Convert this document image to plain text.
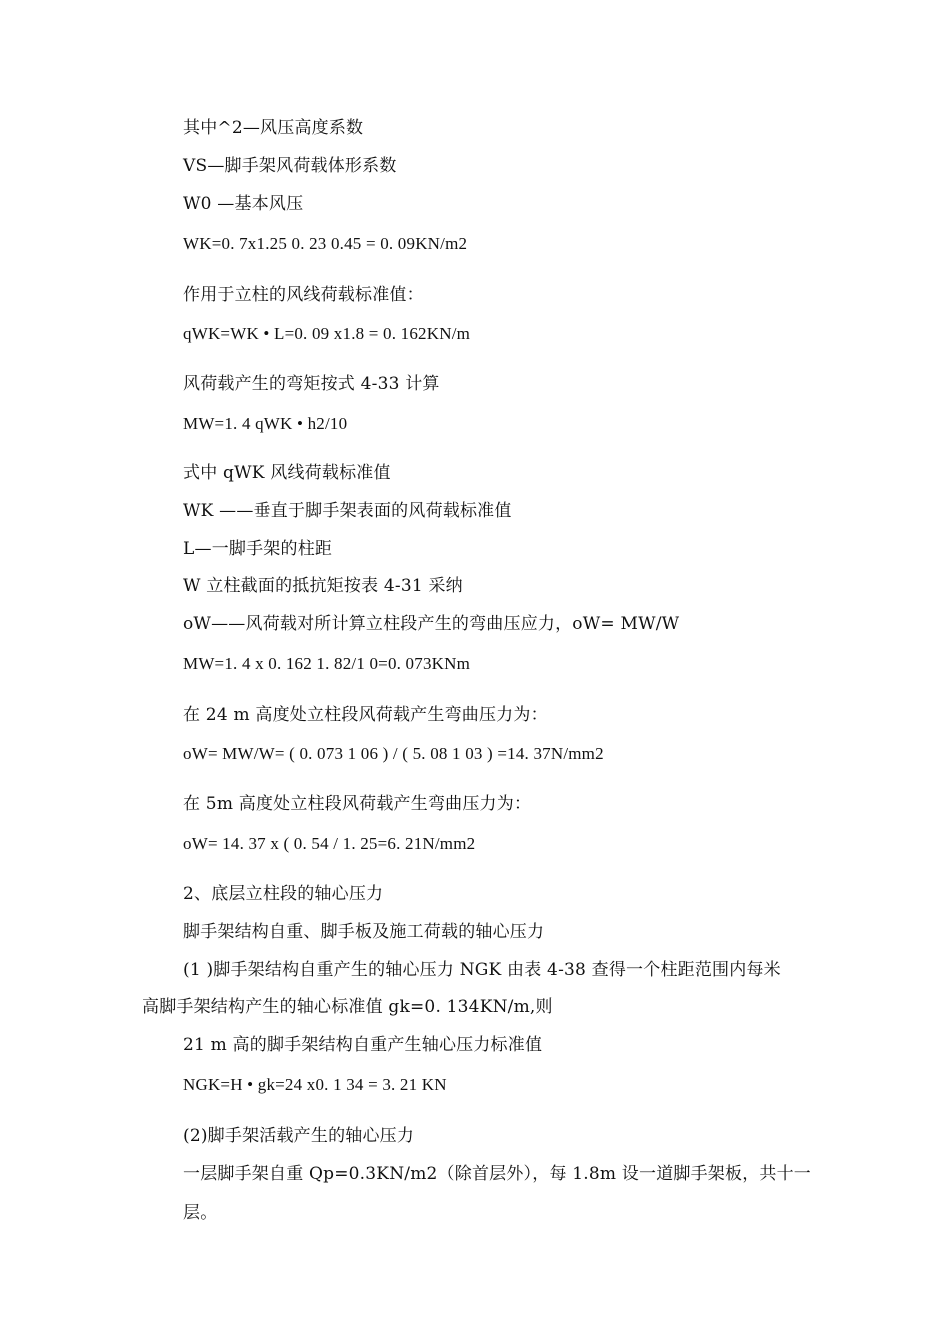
其中^2—风压高度系数
VS—脚手架风荷载体形系数
W0 —基本风压
WK=0. 7x1.25 0. 23 0.45 = 0. 09KN/m2
作用于立柱的风线荷载标准值：
qWK=WK • L=0. 09 x1.8 = 0. 162KN/m
风荷载产生的弯矩按式 4-33 计算
MW=1. 4 qWK • h2/10
式中 qWK 风线荷载标准值
WK ——垂直于脚手架表面的风荷载标准值
L—一脚手架的柱距
W 立柱截面的抵抗矩按表 4-31 采纳
oW——风荷载对所计算立柱段产生的弯曲压应力，oW= MW/W
MW=1. 4 x 0. 162 1. 82/1 0=0. 073KNm
在 24 m 高度处立柱段风荷载产生弯曲压力为：
oW= MW/W= ( 0. 073 1 06 ) / ( 5. 08 1 03 ) =14. 37N/mm2
在 5m 高度处立柱段风荷载产生弯曲压力为：
oW= 14. 37 x ( 0. 54 / 1. 25=6. 21N/mm2
2、底层立柱段的轴心压力
脚手架结构自重、脚手板及施工荷载的轴心压力
(1 )脚手架结构自重产生的轴心压力 NGK 由表 4-38 查得一个柱距范围内每米
高脚手架结构产生的轴心标准值 gk=0. 134KN/m,则
21 m 高的脚手架结构自重产生轴心压力标准值
NGK=H • gk=24 x0. 1 34 = 3. 21 KN
(2)脚手架活载产生的轴心压力
一层脚手架自重 Qp=0.3KN/m2（除首层外），每 1.8m 设一道脚手架板，共十一
层。
